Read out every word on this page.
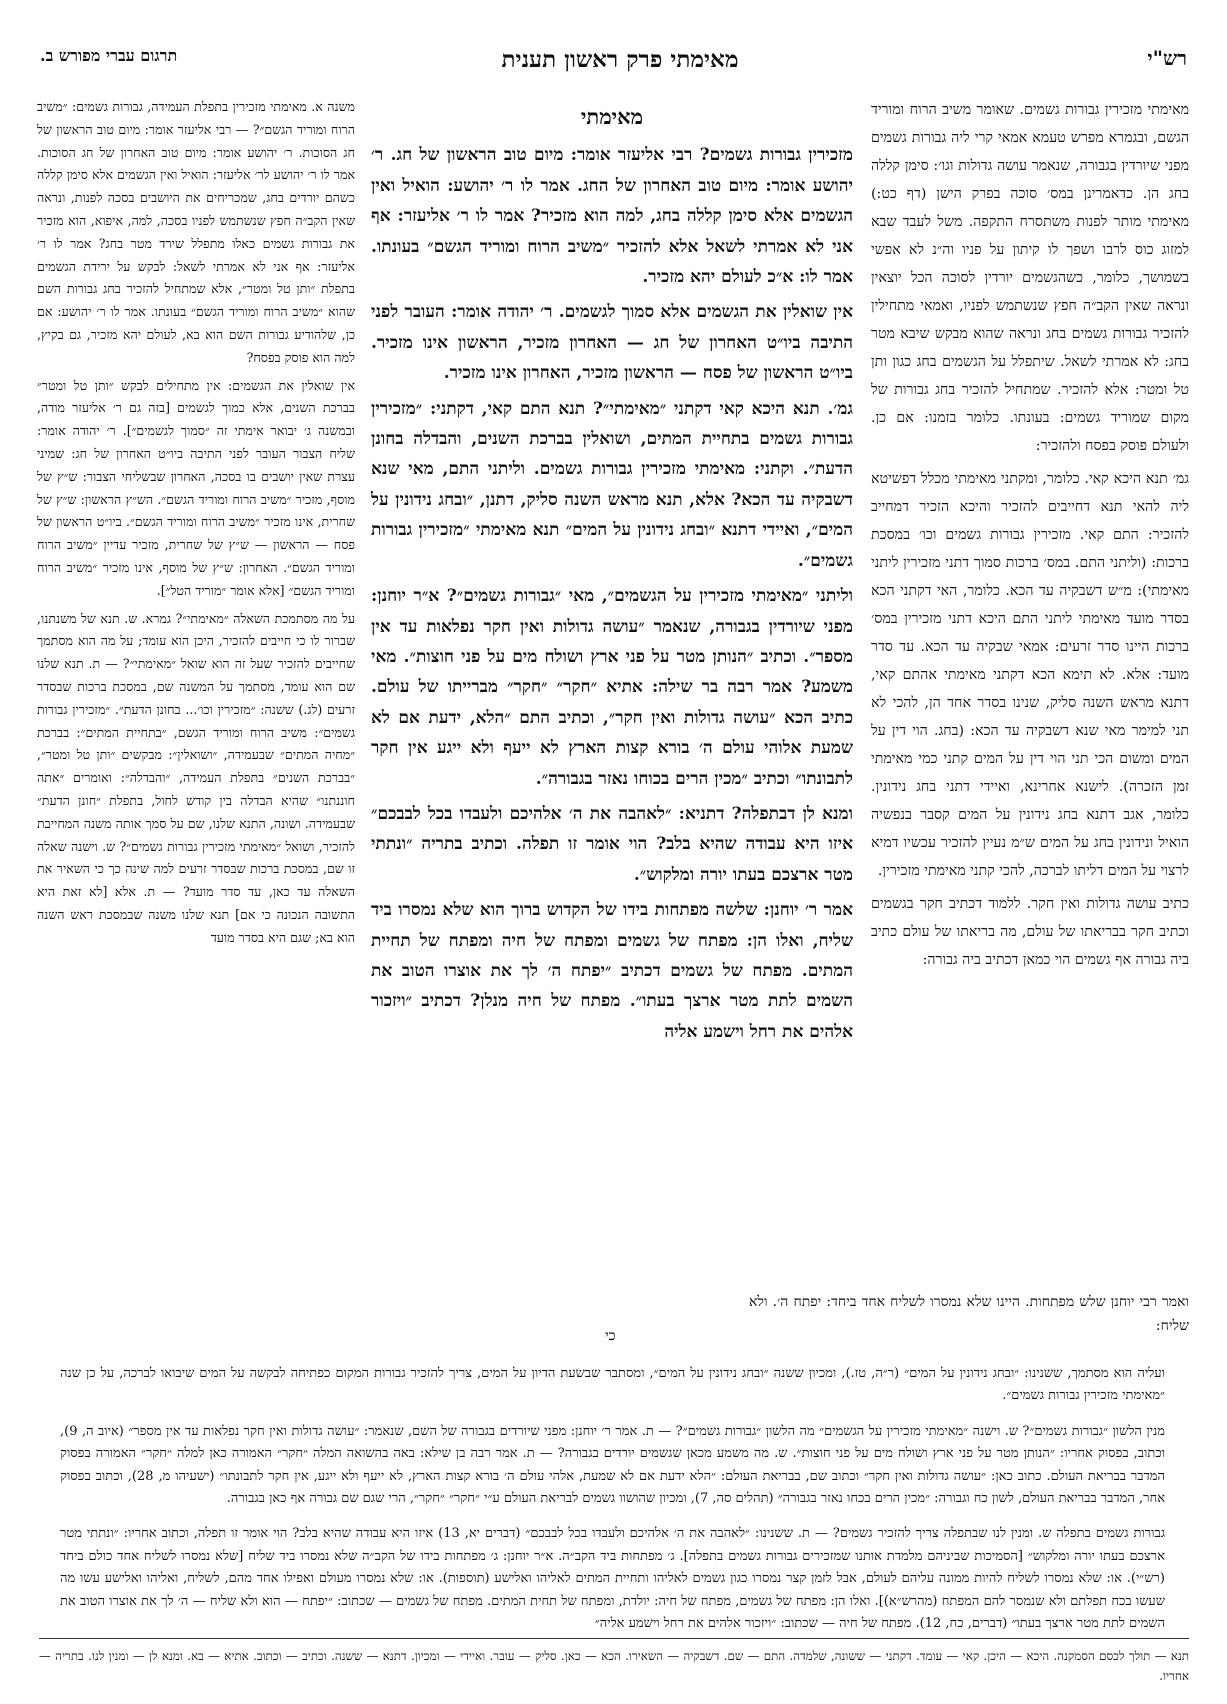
תרגום עברי מפורש ב.	מאימתי פרק ראשון תענית	רש"י

מאימתי מזכירין גבורות גשמים. שאומר משיב הרוח ומוריד הגשם, ובגמרא מפרש טעמא אמאי קרי ליה גבורות גשמים מפני שיורדין בגבורה, שנאמר עושה גדולות וגו׳: סימן קללה בחג הן. כדאמרינן במס׳ סוכה בפרק הישן (דף כט:) מאימתי מותר לפנות משתסרח התקפה. משל לעבד שבא למזוג כוס לרבו ושפך לו קיתון על פניו וה״נ לא אפשי בשמושך, כלומר, כשהגשמים יורדין לסוכה הכל יוצאין ונראה שאין הקב״ה חפץ שנשתמש לפניו, ואמאי מתחילין להזכיר גבורות גשמים בחג ונראה שהוא מבקש שיבא מטר בחג: לא אמרתי לשאל. שיתפלל על הגשמים בחג כגון ותן טל ומטר: אלא להזכיר. שמתחיל להזכיר בחג גבורות של מקום שמוריד גשמים: בעונתו. כלומר בזמנו: אם כן. ולעולם פוסק בפסח ולהזכיר:

גמ׳ תנא היכא קאי. כלומר, ומקתני מאימתי מכלל דפשיטא ליה להאי תנא דחייבים להזכיר והיכא הזכיר דמחייב להזכיר: התם קאי. מזכירין גבורות גשמים וכו׳ במסכת ברכות: (וליתני התם. במס׳ ברכות סמוך דתני מזכירין ליתני מאימתי): מ״ש דשבקיה עד הכא. כלומר, האי דקתני הכא בסדר מועד מאימתי ליתני התם היכא דתני מזכירין במס׳ ברכות היינו סדר זרעים: אמאי שבקיה עד הכא. עד סדר מועד: אלא. לא תימא הכא דקתני מאימתי אהתם קאי, דתנא מראש השנה סליק, שנינו בסדר אחד הן, להכי לא תני למימר מאי שנא דשבקיה עד הכא: (בחג. הוי דין על המים ומשום הכי תני הוי דין על המים קתני כמי מאימתי זמן הזכרה). לישנא אחרינא, ואיידי דתני בחג נידונין. כלומר, אגב דתנא בחג נידונין על המים קסבר בנפשיה הואיל ונידונין בחג על המים ש״מ נעיין להזכיר עכשיו דמיא לרצוי על המים דליתו לברכה, להכי קתני מאימתי מזכירין.

כתיב עושה גדולות ואין חקר. ללמוד דכתיב חקר בגשמים וכתיב חקר בבריאתו של עולם, מה בריאתו של עולם כתיב ביה גבורה אף גשמים הוי כמאן דכתיב ביה גבורה:

מאימתי

מזכירין גבורות גשמים? רבי אליעזר אומר: מיום טוב הראשון של חג. ר׳ יהושע אומר: מיום טוב האחרון של החג. אמר לו ר׳ יהושע: הואיל ואין הגשמים אלא סימן קללה בחג, למה הוא מזכיר? אמר לו ר׳ אליעזר: אף אני לא אמרתי לשאל אלא להזכיר ״משיב הרוח ומוריד הגשם״ בעונתו. אמר לו: א״כ לעולם יהא מזכיר.

אין שואלין את הגשמים אלא סמוך לגשמים. ר׳ יהודה אומר: העובר לפני התיבה ביו״ט האחרון של חג — האחרון מזכיר, הראשון אינו מזכיר. ביו״ט הראשון של פסח — הראשון מזכיר, האחרון אינו מזכיר.

גמ׳. תנא היכא קאי דקתני ״מאימתי״? תנא התם קאי, דקתני: ״מזכירין גבורות גשמים בתחיית המתים, ושואלין בברכת השנים, והבדלה בחונן הדעת״. וקתני: מאימתי מזכירין גבורות גשמים. וליתני התם, מאי שנא דשבקיה עד הכא? אלא, תנא מראש השנה סליק, דתנן, ״ובחג נידונין על המים״, ואיידי דתנא ״ובחג נידונין על המים״ תנא מאימתי ״מזכירין גבורות גשמים״.

וליתני ״מאימתי מזכירין על הגשמים״, מאי ״גבורות גשמים״? א״ר יוחנן: מפני שיורדין בגבורה, שנאמר ״עושה גדולות ואין חקר נפלאות עד אין מספר״. וכתיב ״הנותן מטר על פני ארץ ושולח מים על פני חוצות״. מאי משמע? אמר רבה בר שילה: אתיא ״חקר״ ״חקר״ מברייתו של עולם. כתיב הכא ״עושה גדולות ואין חקר״, וכתיב התם ״הלא, ידעת אם לא שמעת אלוהי עולם ה׳ בורא קצות הארץ לא ייעף ולא ייגע אין חקר לתבונתו״ וכתיב ״מכין הרים בכוחו נאזר בגבורה״.

ומנא לן דבתפלה? דתניא: ״לאהבה את ה׳ אלהיכם ולעבדו בכל לבבכם״ איזו היא עבודה שהיא בלב? הוי אומר זו תפלה. וכתיב בתריה ״ונתתי מטר ארצכם בעתו יורה ומלקוש״.

אמר ר׳ יוחנן: שלשה מפתחות בידו של הקדוש ברוך הוא שלא נמסרו ביד שליח, ואלו הן: מפתח של גשמים ומפתח של חיה ומפתח של תחיית המתים. מפתח של גשמים דכתיב ״יפתח ה׳ לך את אוצרו הטוב את השמים לתת מטר ארצך בעתו״. מפתח של חיה מנלן? דכתיב ״ויזכור אלהים את רחל וישמע אליה

משנה א. מאימתי מזכירין בתפלת העמידה, גבורות גשמים: ״משיב הרוח ומוריד הגשם״? — רבי אליעזר אומר: מיום טוב הראשון של חג הסוכות. ר׳ יהושע אומר: מיום טוב האחרון של חג הסוכות. אמר לו ר׳ יהושע לר׳ אליעזר: הואיל ואין הגשמים אלא סימן קללה כשהם יורדים בחג, שמכריחים את היושבים בסכה לפנות, ונראה שאין הקב״ה חפץ שנשתמש לפניו בסכה, למה, איפוא, הוא מזכיר את גבורות גשמים כאלו מתפלל שירד מטר בחג? אמר לו ר׳ אליעזר: אף אני לא אמרתי לשאל: לבקש על ירידת הגשמים בתפלת ״ותן טל ומטר״, אלא שמתחיל להזכיר בחג גבורות השם שהוא ״משיב הרוח ומוריד הגשם״ בעונתו. אמר לו ר׳ יהושע: אם כן, שלהודיע גבורות השם הוא בא, לעולם יהא מזכיר, גם בקיץ, למה הוא פוסק בפסח?

אין שואלין את הגשמים: אין מתחילים לבקש ״ותן טל ומטר״ בברכת השנים, אלא כמוך לגשמים [בזה גם ר׳ אליעזר מודה, ובמשנה ג׳ יבואר אימתי זה ״סמוך לגשמים״]. ר׳ יהודה אומר: שליח הצבור העובר לפני התיבה ביו״ט האחרון של חג: שמיני עצרת שאין יושבים בו בסכה, האחרון שבשליחי הצבור: ש״ץ של מוסף, מזכיר ״משיב הרוח ומוריד הגשם״. הש״ץ הראשון: ש״ץ של שחרית, אינו מזכיר ״משיב הרוח ומוריד הגשם״. ביו״ט הראשון של פסח — הראשון — ש״ץ של שחרית, מזכיר עדיין ״משיב הרוח ומוריד הגשם״. האחרון: ש״ץ של מוסף, אינו מזכיר ״משיב הרוח ומוריד הגשם״ [אלא אומר ״מוריד הטל״].

על מה מסתמכת השאלה ״מאימתי״? גמרא. ש. תנא של משנתנו, שברור לו כי חייבים להזכיר, היכן הוא עומד; על מה הוא מסתמך שחייבים להזכיר שעל זה הוא שואל ״מאימתי״? — ת. תנא שלנו שם הוא עומד, מסתמך על המשנה שם, במסכת ברכות שבסדר זרעים (לג.) ששנה: ״מזכירין וכו׳... בחונן הדעת״. ״מזכירין גבורות גשמים״: משיב הרוח ומוריד הגשם, ״בתחיית המתים״: בברכת ״מחיה המתים״ שבעמידה, ״ושואלין״: מבקשים ״ותן טל ומטר״, ״בברכת השנים״ בתפלת העמידה, ״והבדלה״: ואומרים ״אתה חוננתנו״ שהיא הבדלה בין קודש לחול, בתפלת ״חונן הדעת״ שבעמידה. ושונה, התנא שלנו, שם על סמך אותה משנה המחייבת להזכיר, ושואל ״מאימתי מזכירין גבורות גשמים״? ש. וישנה שאלה זו שם, במסכת ברכות שבסדר זרעים למה שינה כך כי השאיר את השאלה עד כאן, עד סדר מועד? — ת. אלא [לא זאת היא התשובה הנכונה כי אם] תנא שלנו משנה שבמסכת ראש השנה הוא בא; שגם היא בסדר מועד

ואמר רבי יוחנן שלש מפתחות. היינו שלא נמסרו לשליח אחד ביחד: יפתח ה׳. ולא שליח:
כי

ועליה הוא מסתמך, ששנינו: ״ובחג נידונין על המים״ (ר״ה, טז.), ומכיון ששנה ״ובחג נידונין על המים״, ומסתבר שבשעת הדיון על המים, צריך להזכיר גבורות המקום כפתיחה לבקשה על המים שיבואו לברכה, על כן שנה ״מאימתי מזכירין גבורות גשמים״.

מנין הלשון ״גבורות גשמים״? ש. וישנה ״מאימתי מזכירין על הגשמים״ מה הלשון ״גבורות גשמים״? — ת. אמר ר׳ יוחנן: מפני שיורדים בגבורה של השם, שנאמר: ״עושה גדולות ואין חקר נפלאות עד אין מספר״ (איוב ה, 9), וכתוב, בפסוק אחריו: ״הנותן מטר על פני ארץ ושולח מים על פני חוצות״. ש. מה משמע מכאן שגשמים יורדים בגבורה? — ת. אמר רבה בן שילא: באה בהשואה המלה ״חקר״ האמורה כאן למלה ״חקר״ האמורה בפסוק המדבר בבריאת העולם. כתוב כאן: ״עושה גדולות ואין חקר״ וכתוב שם, בבריאת העולם: ״הלא ידעת אם לא שמעת, אלהי עולם ה׳ בורא קצות הארץ, לא ייעף ולא ייגע, אין חקר לתבונתו״ (ישעיהו מ, 28), וכתוב בפסוק אחר, המדבר בבריאת העולם, לשון כח וגבורה: ״מכין הרים בכחו נאזר בגבורה״ (תהלים סה, 7), ומכיון שהושוו גשמים לבריאת העולם ע״י ״חקר״ ״חקר״, הרי שגם שם גבורה אף כאן בגבורה.

גבורות גשמים בתפלה ש. ומנין לנו שבתפלה צריך להזכיר גשמים? — ת. ששנינו: ״לאהבה את ה׳ אלהיכם ולעבדו בכל לבבכם״ (דברים יא, 13) איזו היא עבודה שהיא בלב? הוי אומר זו תפלה, וכתוב אחריו: ״ונתתי מטר ארצכם בעתו יורה ומלקוש״ [הסמיכות שביניהם מלמדת אותנו שמזכירים גבורות גשמים בתפלה]. ג׳ מפתחות ביד הקב״ה. א״ר יוחנן: ג׳ מפתחות בידו של הקב״ה שלא נמסרו ביד שליח [שלא נמסרו לשליח אחד כולם ביחד (רש״י). או: שלא נמסרו לשליח להיות ממונה עליהם לעולם, אבל לזמן קצר נמסרו כגון גשמים לאליהו ותחיית המתים לאליהו ואלישע (תוספות). או: שלא נמסרו מעולם ואפילו אחד מהם, לשליח, ואליהו ואלישע עשו מה שעשו בכח תפלתם ולא שנמסר להם המפתח (מהרש״א)]. ואלו הן: מפתח של גשמים, מפתח של חיה: יולדת, ומפתח של תחית המתים. מפתח של גשמים — שכתוב: ״יפתח — הוא ולא שליח — ה׳ לך את אוצרו הטוב את השמים לתת מטר ארצך בעתו״ (דברים, כח, 12). מפתח של חיה — שכתוב: ״ויזכור אלהים את רחל וישמע אליה״

תנא — תולך לכסם הסמקנה. היכא — היכן. קאי — עומד. דקתני — ששונה, שלמדה. התם — שם. דשבקיה — השאירו. הכא — כאן. סליק — עובר. ואיידי — ומכיון. דתנא — ששנה. וכתיב — וכתוב. אתיא — בא. ומנא לן — ומנין לנו. בתריה — אחריו.
